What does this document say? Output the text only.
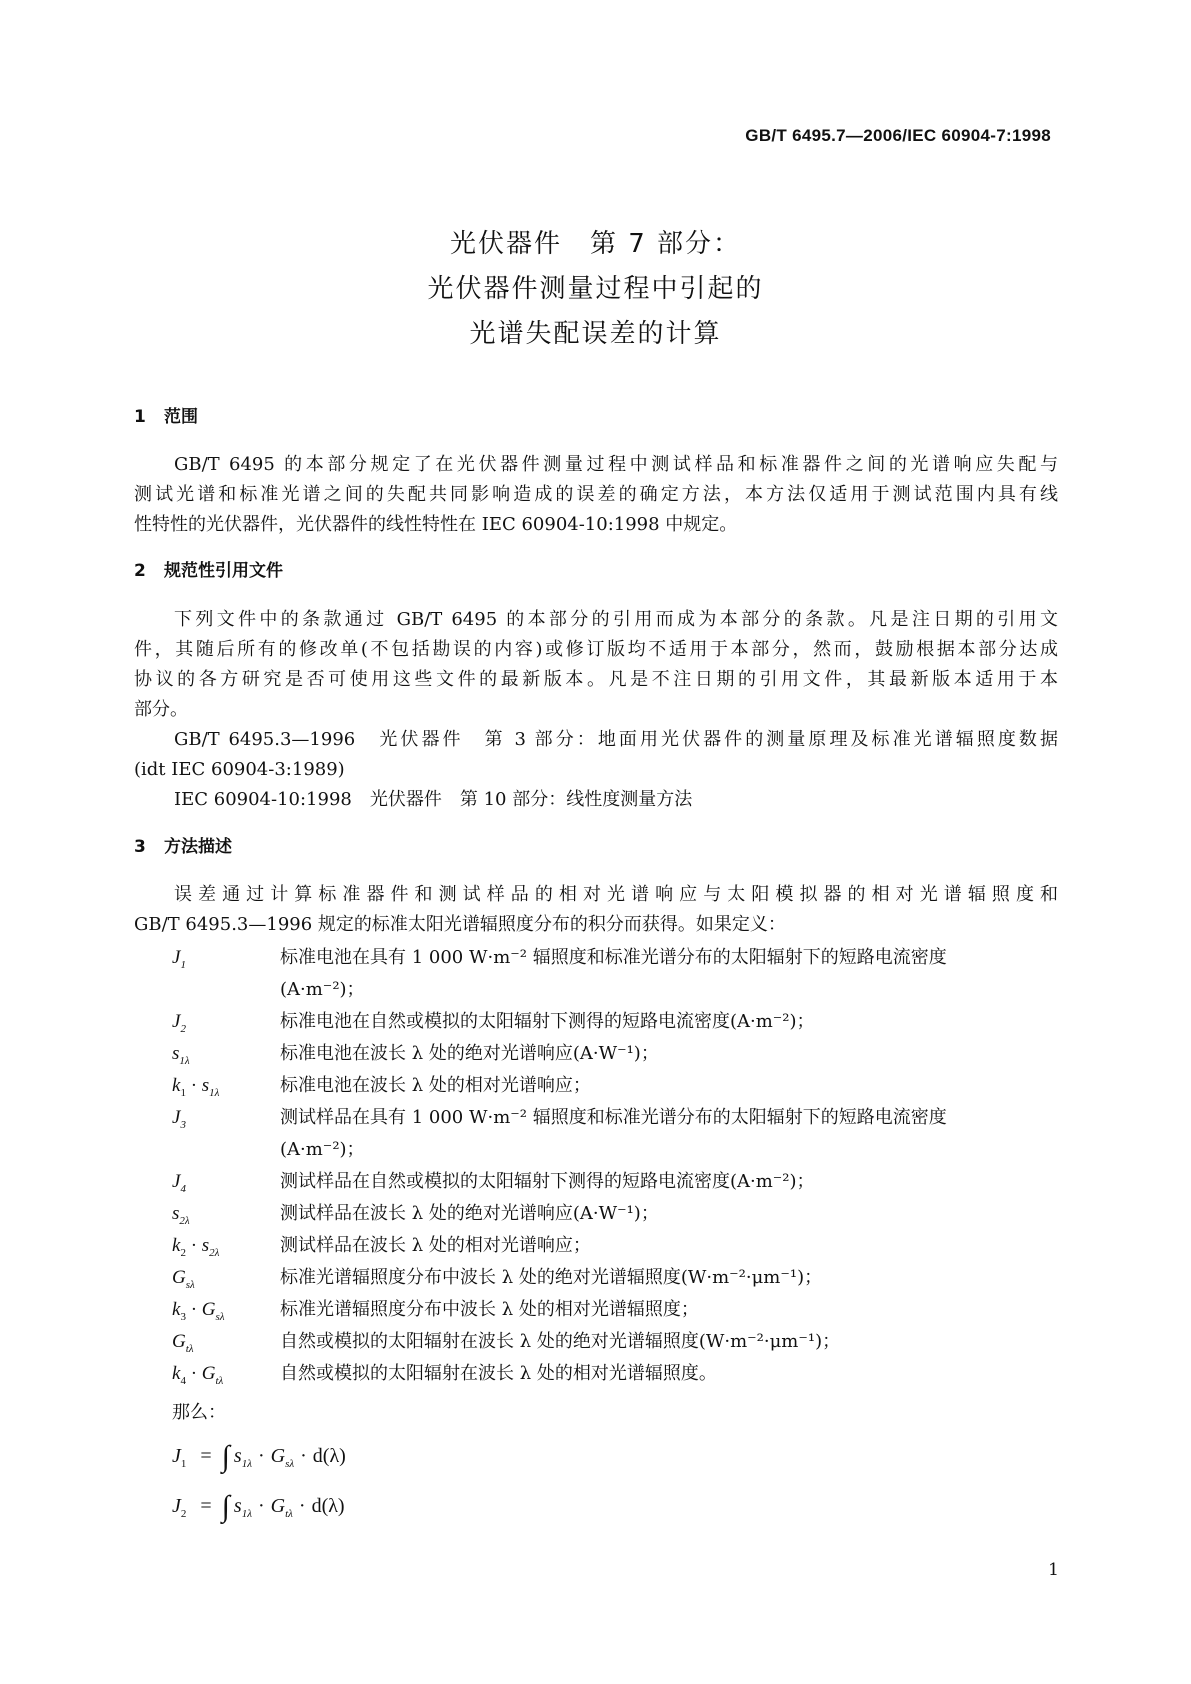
GB/T 6495.7—2006/IEC 60904-7:1998
光伏器件　第 7 部分：
光伏器件测量过程中引起的
光谱失配误差的计算
1 范围
GB/T 6495 的本部分规定了在光伏器件测量过程中测试样品和标准器件之间的光谱响应失配与
测试光谱和标准光谱之间的失配共同影响造成的误差的确定方法，本方法仅适用于测试范围内具有线
性特性的光伏器件，光伏器件的线性特性在 IEC 60904-10:1998 中规定。
2 规范性引用文件
下列文件中的条款通过 GB/T 6495 的本部分的引用而成为本部分的条款。凡是注日期的引用文
件，其随后所有的修改单(不包括勘误的内容)或修订版均不适用于本部分，然而，鼓励根据本部分达成
协议的各方研究是否可使用这些文件的最新版本。凡是不注日期的引用文件，其最新版本适用于本
部分。
GB/T 6495.3—1996　光伏器件　第 3 部分：地面用光伏器件的测量原理及标准光谱辐照度数据
(idt IEC 60904-3:1989)
IEC 60904-10:1998　光伏器件　第 10 部分：线性度测量方法
3 方法描述
误差通过计算标准器件和测试样品的相对光谱响应与太阳模拟器的相对光谱辐照度和
GB/T 6495.3—1996 规定的标准太阳光谱辐照度分布的积分而获得。如果定义：
$J_1$	标准电池在具有 1 000 W·m⁻² 辐照度和标准光谱分布的太阳辐射下的短路电流密度
(A·m⁻²)；
$J_2$	标准电池在自然或模拟的太阳辐射下测得的短路电流密度(A·m⁻²)；
$s_{1\lambda}$	标准电池在波长 λ 处的绝对光谱响应(A·W⁻¹)；
$k_1 \cdot s_{1\lambda}$	标准电池在波长 λ 处的相对光谱响应；
$J_3$	测试样品在具有 1 000 W·m⁻² 辐照度和标准光谱分布的太阳辐射下的短路电流密度
(A·m⁻²)；
$J_4$	测试样品在自然或模拟的太阳辐射下测得的短路电流密度(A·m⁻²)；
$s_{2\lambda}$	测试样品在波长 λ 处的绝对光谱响应(A·W⁻¹)；
$k_2 \cdot s_{2\lambda}$	测试样品在波长 λ 处的相对光谱响应；
$G_{s\lambda}$	标准光谱辐照度分布中波长 λ 处的绝对光谱辐照度(W·m⁻²·μm⁻¹)；
$k_3 \cdot G_{s\lambda}$	标准光谱辐照度分布中波长 λ 处的相对光谱辐照度；
$G_{t\lambda}$	自然或模拟的太阳辐射在波长 λ 处的绝对光谱辐照度(W·m⁻²·μm⁻¹)；
$k_4 \cdot G_{t\lambda}$	自然或模拟的太阳辐射在波长 λ 处的相对光谱辐照度。
那么：
$J_1$ = ∫ $s_{1\lambda} \cdot G_{s\lambda} \cdot d(\lambda)$
$J_2$ = ∫ $s_{1\lambda} \cdot G_{t\lambda} \cdot d(\lambda)$
1
